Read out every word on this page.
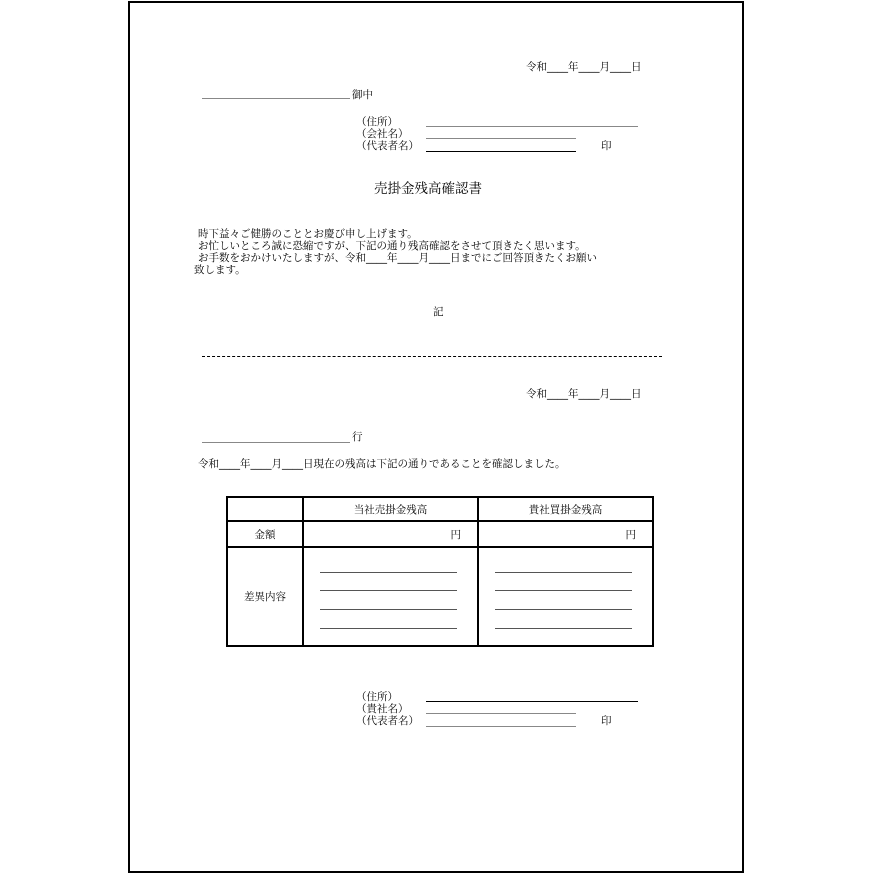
令和____年____月____日
御中
（住所）
（会社名）
（代表者名）	印
売掛金残高確認書
時下益々ご健勝のこととお慶び申し上げます。
お忙しいところ誠に恐縮ですが、下記の通り残高確認をさせて頂きたく思います。
お手数をおかけいたしますが、令和____年____月____日までにご回答頂きたくお願い
致します。
記
令和____年____月____日
行
令和____年____月____日現在の残高は下記の通りであることを確認しました。
	当社売掛金残高	貴社買掛金残高
金額	円	円
差異内容	

（住所）
（貴社名）
（代表者名）	印
